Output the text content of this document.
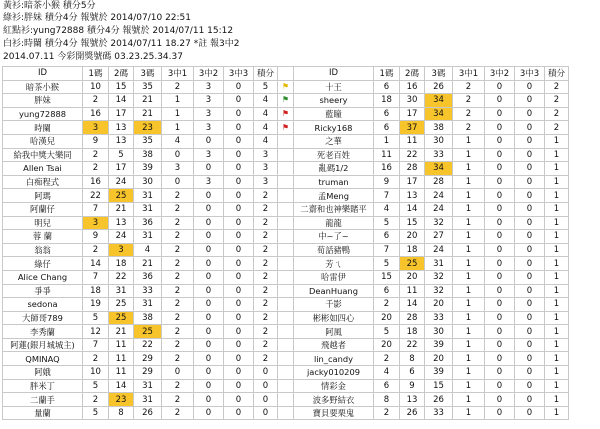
黃衫:暗茶小猴 積分5分
綠衫:胖妹 積分4分 報號於 2014/07/10 22:51
紅點衫:yung72888 積分4分 報號於 2014/07/11 15:12
白衫:時闌 積分4分 報號於 2014/07/11 18.27 *註 報3中2
2014.07.11 今彩開獎號碼 03.23.25.34.37
ID	1碼	2碼	3碼	3中1	3中2	3中3	積分		ID	1碼	2碼	3碼	3中1	3中2	3中3	積分
暗茶小猴	10	15	35	2	3	0	5	⚑	十王	6	16	26	2	0	0	2
胖妹	2	14	21	1	3	0	4	⚑	sheery	18	30	34	2	0	0	2
yung72888	16	17	21	1	3	0	4	⚑	藍瞳	6	17	34	2	0	0	2
時闌	3	13	23	1	3	0	4	⚑	Ricky168	6	37	38	2	0	0	2
哈漢兒	9	13	35	4	0	0	4		之華	1	11	30	1	0	0	1
給我中獎大樂同	2	5	38	0	3	0	3		死老百姓	11	22	33	1	0	0	1
Allen Tsai	2	17	39	3	0	0	3		亂碼1/2	16	28	34	1	0	0	1
白痴程式	16	24	30	0	3	0	3		truman	9	17	28	1	0	0	1
阿瑪	22	25	31	2	0	0	2		孟Meng	7	13	24	1	0	0	1
阿蘭仔	7	21	31	2	0	0	2		二齋和也神樂賭平	4	14	24	1	0	0	1
明兒	3	13	36	2	0	0	2		龍龍	5	15	32	1	0	0	1
蓉 蘭	9	24	31	2	0	0	2		中~了~	6	20	27	1	0	0	1
翁翁	2	3	4	2	0	0	2		荀話豬鴨	7	18	24	1	0	0	1
綠仔	14	18	21	2	0	0	2		芳ㄟ	5	25	31	1	0	0	1
Alice Chang	7	22	36	2	0	0	2		哈雷伊	15	20	32	1	0	0	1
爭爭	18	31	33	2	0	0	2		DeanHuang	6	11	32	1	0	0	1
sedona	19	25	31	2	0	0	2		千影	2	14	20	1	0	0	1
大師哥789	5	25	38	2	0	0	2		彬彬如四心	20	28	33	1	0	0	1
李秀蘭	12	21	25	2	0	0	2		阿風	5	18	30	1	0	0	1
阿蓮(銀月城城主)	7	11	22	2	0	0	2		飛越者	20	22	39	1	0	0	1
QMINAQ	2	11	29	2	0	0	2		lin_candy	2	8	20	1	0	0	1
阿娥	10	11	29	0	0	0	0		jacky010209	4	6	39	1	0	0	1
胖米丁	5	14	31	2	0	0	0		情彩金	6	9	15	1	0	0	1
二蘭手	2	23	31	2	0	0	0		波多野結衣	8	13	26	1	0	0	1
量蘭	5	8	26	2	0	0	0		寶貝要栗鬼	2	26	33	1	0	0	1
